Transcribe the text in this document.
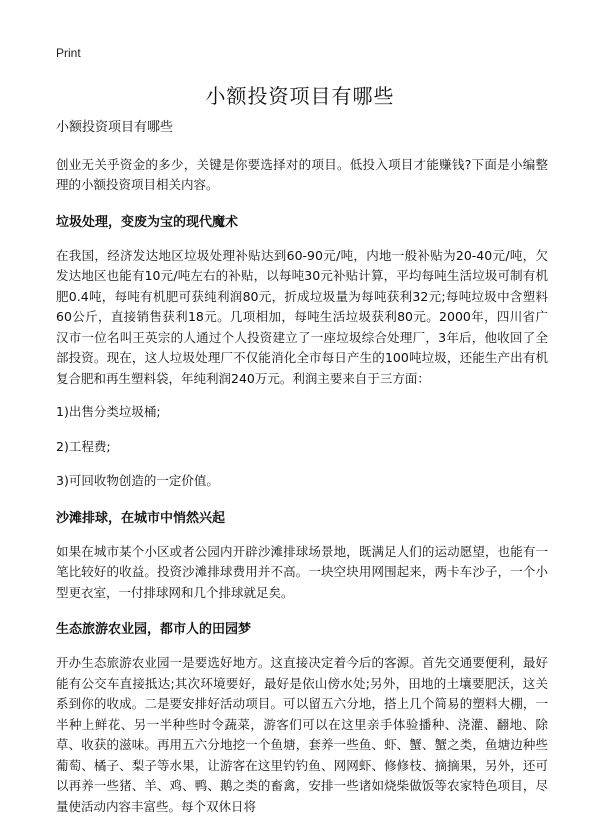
Print
小额投资项目有哪些

小额投资项目有哪些

创业无关乎资金的多少，关键是你要选择对的项目。低投入项目才能赚钱?下面是小编整理的小额投资项目相关内容。

垃圾处理，变废为宝的现代魔术

在我国，经济发达地区垃圾处理补贴达到60-90元/吨，内地一般补贴为20-40元/吨，欠发达地区也能有10元/吨左右的补贴，以每吨30元补贴计算，平均每吨生活垃圾可制有机肥0.4吨，每吨有机肥可获纯利润80元，折成垃圾量为每吨获利32元;每吨垃圾中含塑料60公斤，直接销售获利18元。几项相加，每吨生活垃圾获利80元。2000年，四川省广汉市一位名叫王英宗的人通过个人投资建立了一座垃圾综合处理厂，3年后，他收回了全部投资。现在，这人垃圾处理厂不仅能消化全市每日产生的100吨垃圾，还能生产出有机复合肥和再生塑料袋，年纯利润240万元。利润主要来自于三方面：

1)出售分类垃圾桶;

2)工程费;

3)可回收物创造的一定价值。

沙滩排球，在城市中悄然兴起

如果在城市某个小区或者公园内开辟沙滩排球场景地，既满足人们的运动愿望，也能有一笔比较好的收益。投资沙滩排球费用并不高。一块空块用网围起来，两卡车沙子，一个小型更衣室，一付排球网和几个排球就足矣。

生态旅游农业园，都市人的田园梦

开办生态旅游农业园一是要选好地方。这直接决定着今后的客源。首先交通要便利，最好能有公交车直接抵达;其次环境要好，最好是依山傍水处;另外，田地的土壤要肥沃，这关系到你的收成。二是要安排好活动项目。可以留五六分地，搭上几个简易的塑料大棚，一半种上鲜花、另一半种些时令蔬菜，游客们可以在这里亲手体验播种、浇灌、翻地、除草、收获的滋味。再用五六分地挖一个鱼塘，套养一些鱼、虾、蟹、蟹之类，鱼塘边种些葡萄、橘子、梨子等水果，让游客在这里钓钓鱼、网网虾、修修枝、摘摘果，另外，还可以再养一些猪、羊、鸡、鸭、鹅之类的畜禽，安排一些诸如烧柴做饭等农家特色项目，尽量使活动内容丰富些。每个双休日将
